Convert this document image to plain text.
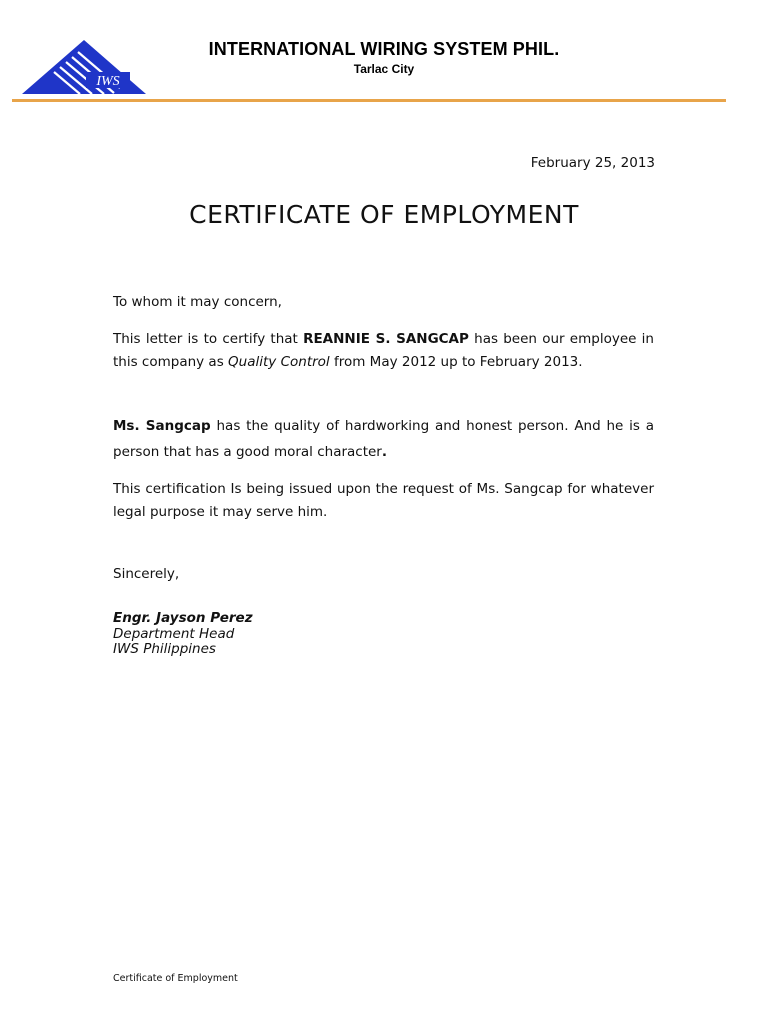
IWS
INTERNATIONAL WIRING SYSTEM PHIL.
Tarlac City
February 25, 2013
CERTIFICATE OF EMPLOYMENT
To whom it may concern,
This letter is to certify that REANNIE S. SANGCAP has been our employee in this company as Quality Control from May 2012 up to February 2013.
Ms. Sangcap has the quality of hardworking and honest person. And he is a person that has a good moral character.
This certification Is being issued upon the request of Ms. Sangcap for whatever legal purpose it may serve him.
Sincerely,
Engr. Jayson Perez
Department Head
IWS Philippines
Certificate of Employment
